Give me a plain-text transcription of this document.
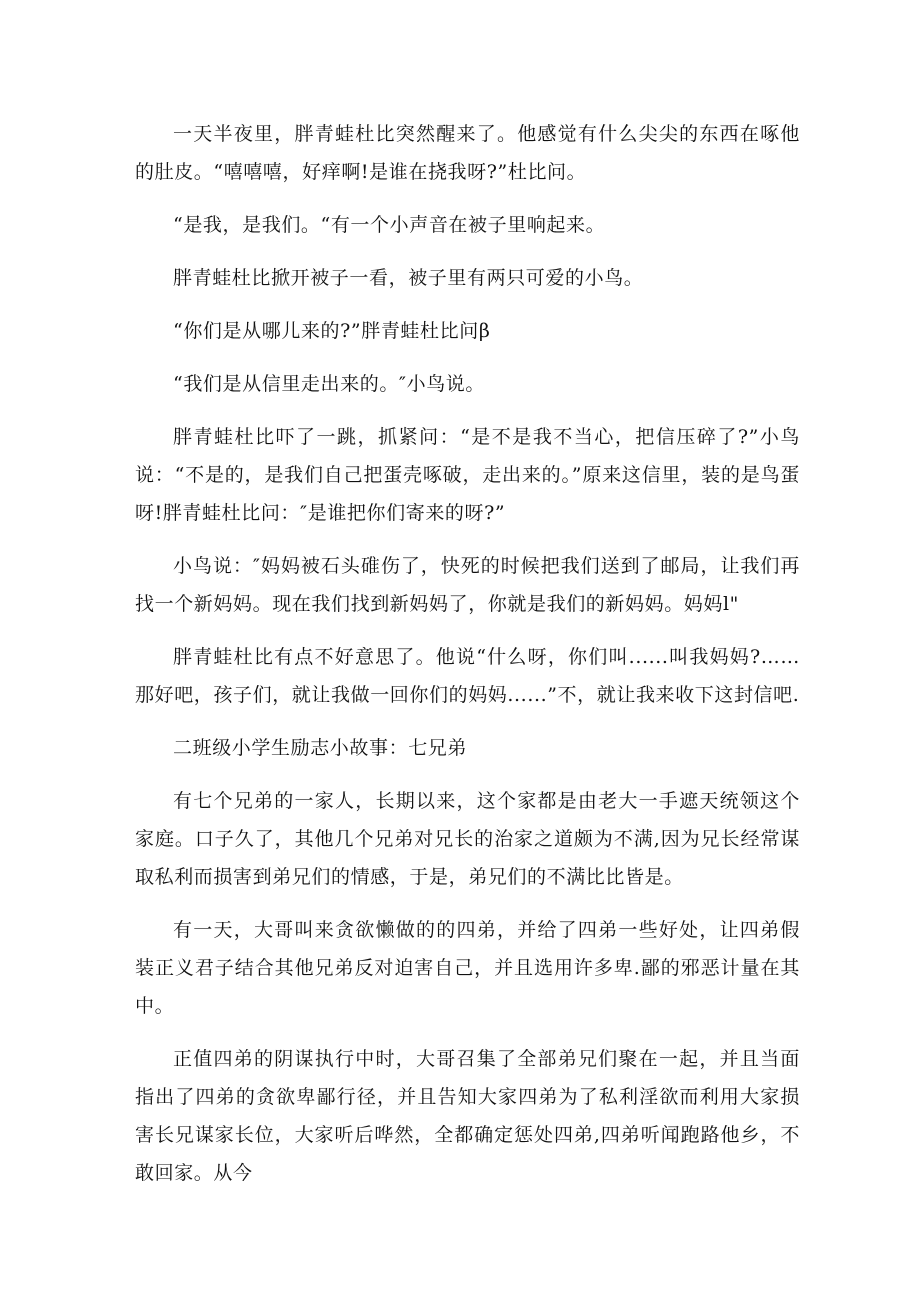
一天半夜里，胖青蛙杜比突然醒来了。他感觉有什么尖尖的东西在啄他的肚皮。“嘻嘻嘻，好痒啊!是谁在挠我呀?”杜比问。

“是我，是我们。“有一个小声音在被子里响起来。

胖青蛙杜比掀开被子一看，被子里有两只可爱的小鸟。

“你们是从哪儿来的?”胖青蛙杜比问β

“我们是从信里走出来的。″小鸟说。

胖青蛙杜比吓了一跳，抓紧问：“是不是我不当心，把信压碎了?”小鸟说：“不是的，是我们自己把蛋壳啄破，走出来的。”原来这信里，装的是鸟蛋呀!胖青蛙杜比问：″是谁把你们寄来的呀?”

小鸟说：″妈妈被石头碓伤了，快死的时候把我们送到了邮局，让我们再找一个新妈妈。现在我们找到新妈妈了，你就是我们的新妈妈。妈妈l"

胖青蛙杜比有点不好意思了。他说“什么呀，你们叫......叫我妈妈?……那好吧，孩子们，就让我做一回你们的妈妈......”不，就让我来收下这封信吧.

二班级小学生励志小故事：七兄弟

有七个兄弟的一家人，长期以来，这个家都是由老大一手遮天统领这个家庭。口子久了，其他几个兄弟对兄长的治家之道颇为不满,因为兄长经常谋取私利而损害到弟兄们的情感，于是，弟兄们的不满比比皆是。

有一天，大哥叫来贪欲懒做的的四弟，并给了四弟一些好处，让四弟假装正义君子结合其他兄弟反对迫害自己，并且选用许多卑.鄙的邪恶计量在其中。

正值四弟的阴谋执行中时，大哥召集了全部弟兄们聚在一起，并且当面指出了四弟的贪欲卑鄙行径，并且告知大家四弟为了私利淫欲而利用大家损害长兄谋家长位，大家听后哗然，全都确定惩处四弟,四弟听闻跑路他乡，不敢回家。从今
